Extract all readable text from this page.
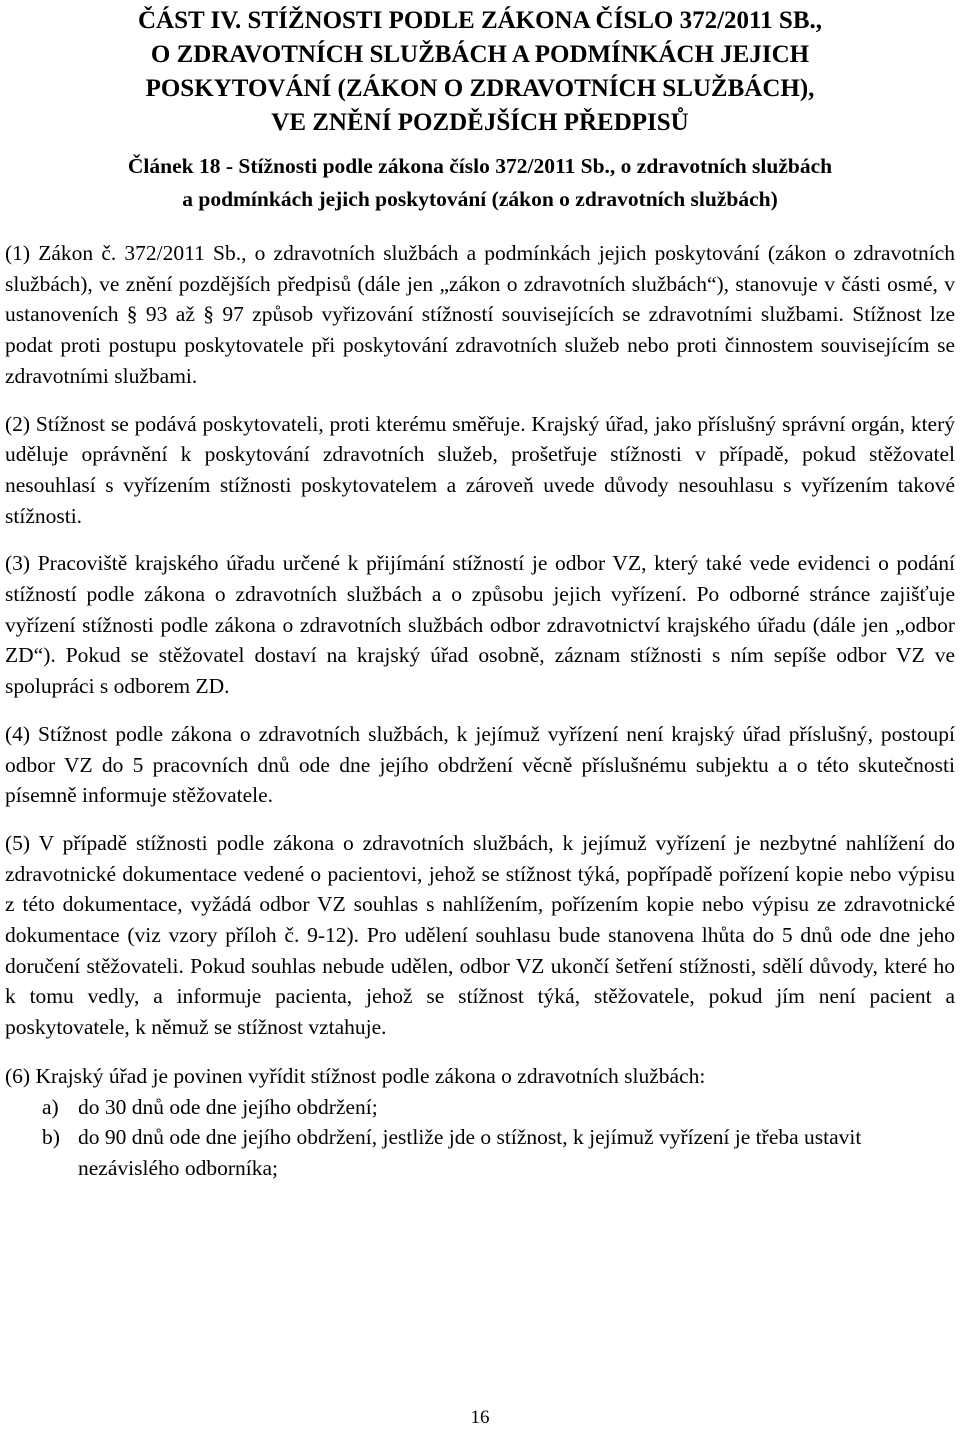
ČÁST IV. STÍŽNOSTI PODLE ZÁKONA ČÍSLO 372/2011 SB.,
O ZDRAVOTNÍCH SLUŽBÁCH A PODMÍNKÁCH JEJICH
POSKYTOVÁNÍ (ZÁKON O ZDRAVOTNÍCH SLUŽBÁCH),
VE ZNĚNÍ POZDĚJŠÍCH PŘEDPISŮ
Článek 18 - Stížnosti podle zákona číslo 372/2011 Sb., o zdravotních službách
a podmínkách jejich poskytování (zákon o zdravotních službách)

(1) Zákon č. 372/2011 Sb., o zdravotních službách a podmínkách jejich poskytování (zákon o zdravotních službách), ve znění pozdějších předpisů (dále jen „zákon o zdravotních službách“), stanovuje v části osmé, v ustanoveních § 93 až § 97 způsob vyřizování stížností souvisejících se zdravotními službami. Stížnost lze podat proti postupu poskytovatele při poskytování zdravotních služeb nebo proti činnostem souvisejícím se zdravotními službami.

(2) Stížnost se podává poskytovateli, proti kterému směřuje. Krajský úřad, jako příslušný správní orgán, který uděluje oprávnění k poskytování zdravotních služeb, prošetřuje stížnosti v případě, pokud stěžovatel nesouhlasí s vyřízením stížnosti poskytovatelem a zároveň uvede důvody nesouhlasu s vyřízením takové stížnosti.

(3) Pracoviště krajského úřadu určené k přijímání stížností je odbor VZ, který také vede evidenci o podání stížností podle zákona o zdravotních službách a o způsobu jejich vyřízení. Po odborné stránce zajišťuje vyřízení stížnosti podle zákona o zdravotních službách odbor zdravotnictví krajského úřadu (dále jen „odbor ZD“). Pokud se stěžovatel dostaví na krajský úřad osobně, záznam stížnosti s ním sepíše odbor VZ ve spolupráci s odborem ZD.

(4) Stížnost podle zákona o zdravotních službách, k jejímuž vyřízení není krajský úřad příslušný, postoupí odbor VZ do 5 pracovních dnů ode dne jejího obdržení věcně příslušnému subjektu a o této skutečnosti písemně informuje stěžovatele.

(5) V případě stížnosti podle zákona o zdravotních službách, k jejímuž vyřízení je nezbytné nahlížení do zdravotnické dokumentace vedené o pacientovi, jehož se stížnost týká, popřípadě pořízení kopie nebo výpisu z této dokumentace, vyžádá odbor VZ souhlas s nahlížením, pořízením kopie nebo výpisu ze zdravotnické dokumentace (viz vzory příloh č. 9-12). Pro udělení souhlasu bude stanovena lhůta do 5 dnů ode dne jeho doručení stěžovateli. Pokud souhlas nebude udělen, odbor VZ ukončí šetření stížnosti, sdělí důvody, které ho k tomu vedly, a informuje pacienta, jehož se stížnost týká, stěžovatele, pokud jím není pacient a poskytovatele, k němuž se stížnost vztahuje.

(6) Krajský úřad je povinen vyřídit stížnost podle zákona o zdravotních službách:

a) do 30 dnů ode dne jejího obdržení;
b) do 90 dnů ode dne jejího obdržení, jestliže jde o stížnost, k jejímuž vyřízení je třeba ustavit nezávislého odborníka;
16
